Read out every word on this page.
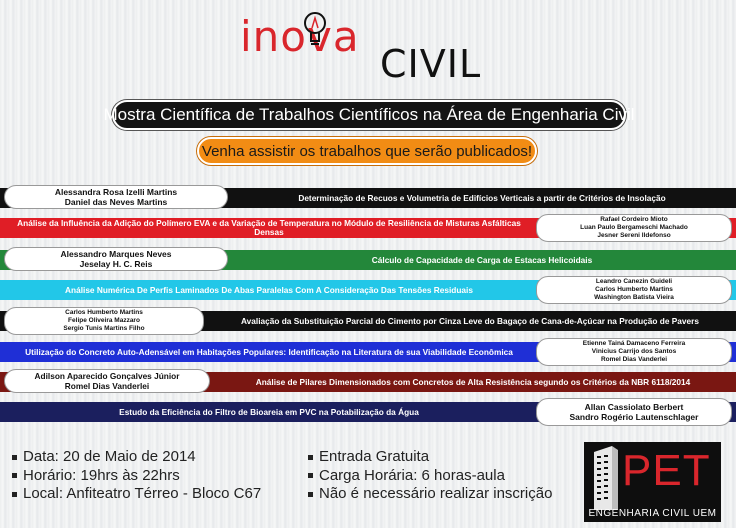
inova
CIVIL
Mostra Científica de Trabalhos Científicos na Área de Engenharia Civil
Venha assistir os trabalhos que serão publicados!
Determinação de Recuos e Volumetria de Edifícios Verticais a partir de Critérios de Insolação
Alessandra Rosa Izelli Martins
Daniel das Neves Martins
Análise da Influência da Adição do Polímero EVA e da Variação de Temperatura no Módulo de Resiliência de Misturas Asfálticas Densas
Rafael Cordeiro Mioto
Luan Paulo Bergameschi Machado
Jesner Sereni Ildefonso
Cálculo de Capacidade de Carga de Estacas Helicoidais
Alessandro Marques Neves
Jeselay H. C. Reis
Análise Numérica De Perfis Laminados De Abas Paralelas Com A Consideração Das Tensões Residuais
Leandro Canezin Guideli
Carlos Humberto Martins
Washington Batista Vieira
Avaliação da Substituição Parcial do Cimento por Cinza Leve do Bagaço de Cana-de-Açúcar na Produção de Pavers
Carlos Humberto Martins
Felipe Oliveira Mazzaro
Sergio Tunis Martins Filho
Utilização do Concreto Auto-Adensável em Habitações Populares: Identificação na Literatura de sua Viabilidade Econômica
Etienne Tainá Damaceno Ferreira
Vinicius Carrijo dos Santos
Romel Dias Vanderlei
Análise de Pilares Dimensionados com Concretos de Alta Resistência segundo os Critérios da NBR 6118/2014
Adilson Aparecido Gonçalves Júnior
Romel Dias Vanderlei
Estudo da Eficiência do Filtro de Bioareia em PVC na Potabilização da Água	Allan Cassiolato Berbert
Sandro Rogério Lautenschlager
Data: 20 de Maio de 2014
Horário: 19hrs às 22hrs
Local: Anfiteatro Térreo - Bloco C67
Entrada Gratuita
Carga Horária: 6 horas-aula
Não é necessário realizar inscrição PET
ENGENHARIA CIVIL UEM
